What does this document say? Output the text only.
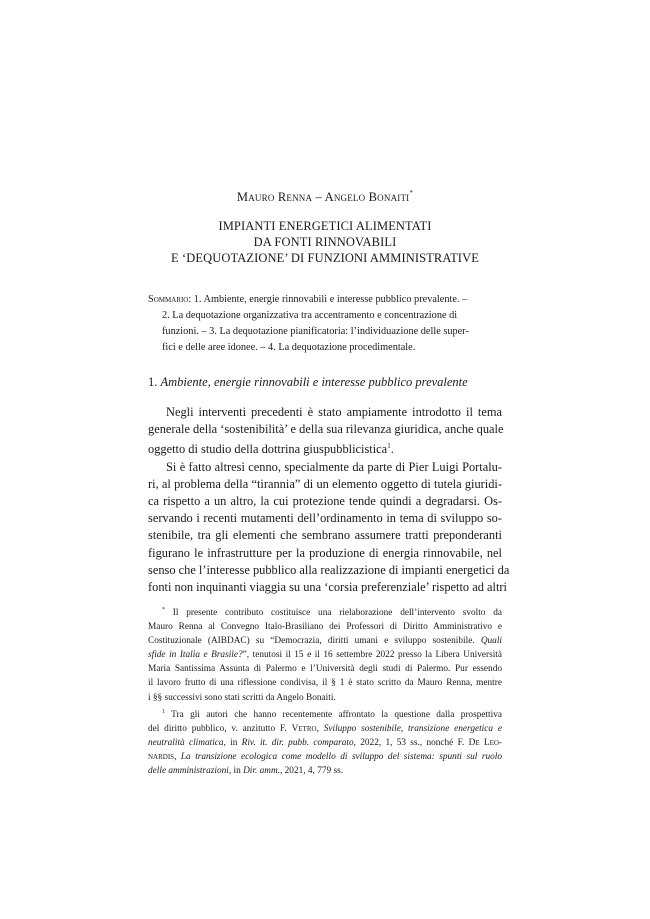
Mauro Renna – Angelo Bonaiti*
IMPIANTI ENERGETICI ALIMENTATI
DA FONTI RINNOVABILI
E ‘DEQUOTAZIONE’ DI FUNZIONI AMMINISTRATIVE
Sommario: 1. Ambiente, energie rinnovabili e interesse pubblico prevalente. –
2. La dequotazione organizzativa tra accentramento e concentrazione di
funzioni. – 3. La dequotazione pianificatoria: l’individuazione delle super-
fici e delle aree idonee. – 4. La dequotazione procedimentale.
1. Ambiente, energie rinnovabili e interesse pubblico prevalente
Negli interventi precedenti è stato ampiamente introdotto il tema
generale della ‘sostenibilità’ e della sua rilevanza giuridica, anche quale
oggetto di studio della dottrina giuspubblicistica$^1$.
Si è fatto altresì cenno, specialmente da parte di Pier Luigi Portalu-
ri, al problema della “tirannia” di un elemento oggetto di tutela giuridi-
ca rispetto a un altro, la cui protezione tende quindi a degradarsi. Os-
servando i recenti mutamenti dell’ordinamento in tema di sviluppo so-
stenibile, tra gli elementi che sembrano assumere tratti preponderanti
figurano le infrastrutture per la produzione di energia rinnovabile, nel
senso che l’interesse pubblico alla realizzazione di impianti energetici da
fonti non inquinanti viaggia su una ‘corsia preferenziale’ rispetto ad altri
* Il presente contributo costituisce una rielaborazione dell’intervento svolto da
Mauro Renna al Convegno Italo-Brasiliano dei Professori di Diritto Amministrativo e
Costituzionale (AIBDAC) su “Democrazia, diritti umani e sviluppo sostenibile. Quali
sfide in Italia e Brasile?”, tenutosi il 15 e il 16 settembre 2022 presso la Libera Università
Maria Santissima Assunta di Palermo e l’Università degli studi di Palermo. Pur essendo
il lavoro frutto di una riflessione condivisa, il § 1 è stato scritto da Mauro Renna, mentre
i §§ successivi sono stati scritti da Angelo Bonaiti.
$^1$ Tra gli autori che hanno recentemente affrontato la questione dalla prospettiva
del diritto pubblico, v. anzitutto F. Vetro, Sviluppo sostenibile, transizione energetica e
neutralità climatica, in Riv. it. dir. pubb. comparato, 2022, 1, 53 ss., nonché F. De Leo-
nardis, La transizione ecologica come modello di sviluppo del sistema: spunti sul ruolo
delle amministrazioni, in Dir. amm., 2021, 4, 779 ss.
